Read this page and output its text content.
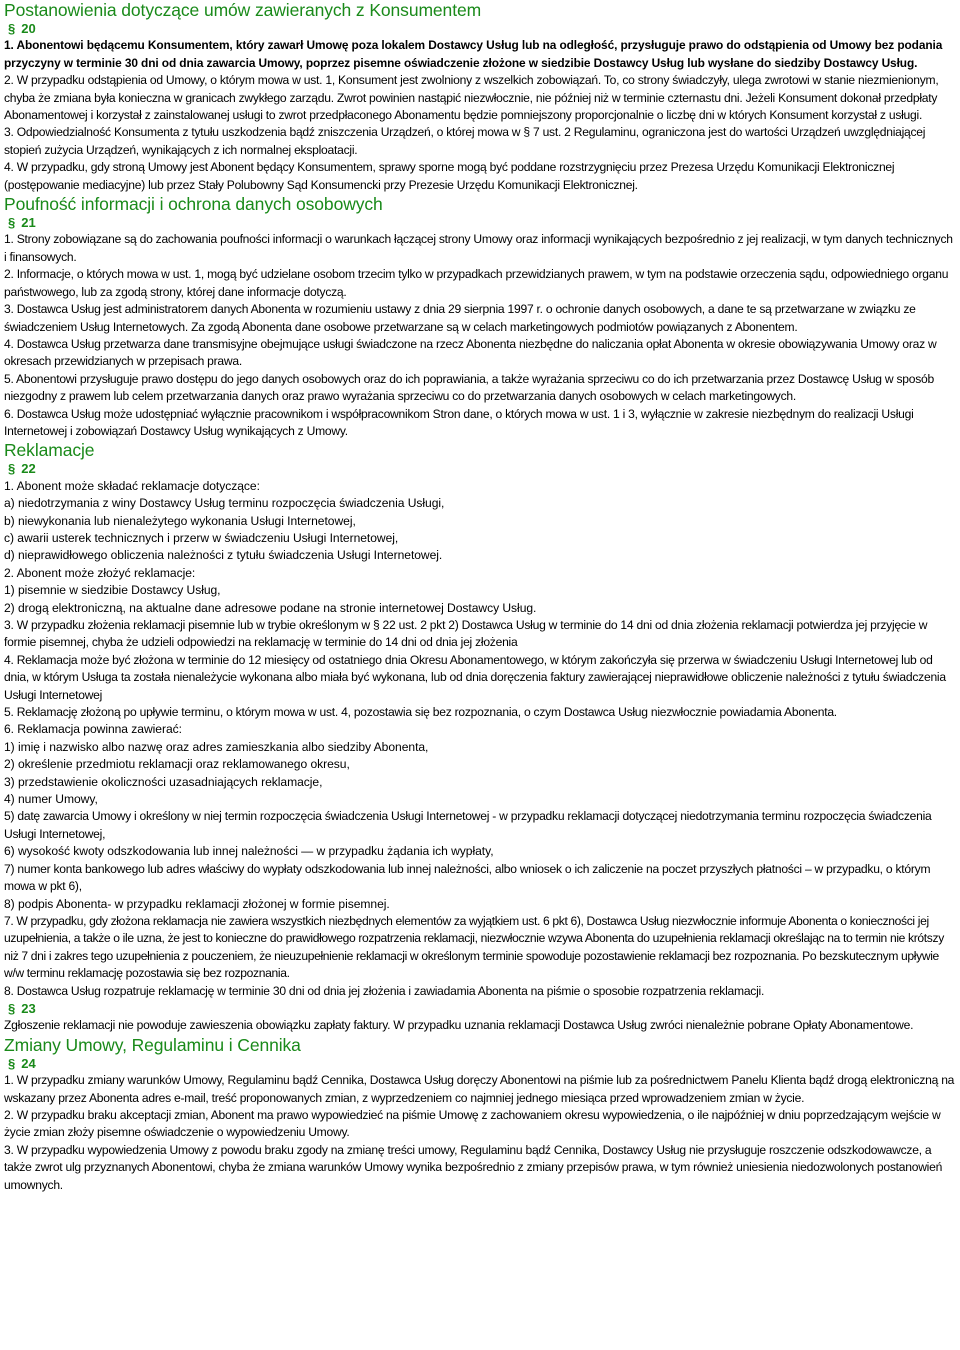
Postanowienia dotyczące umów zawieranych z Konsumentem
§ 20

1. Abonentowi będącemu Konsumentem, który zawarł Umowę poza lokalem Dostawcy Usług lub na odległość, przysługuje prawo do odstąpienia od Umowy bez podania przyczyny w terminie 30 dni od dnia zawarcia Umowy, poprzez pisemne oświadczenie złożone w siedzibie Dostawcy Usług lub wysłane do siedziby Dostawcy Usług.

2. W przypadku odstąpienia od Umowy, o którym mowa w ust. 1, Konsument jest zwolniony z wszelkich zobowiązań. To, co strony świadczyły, ulega zwrotowi w stanie niezmienionym, chyba że zmiana była konieczna w granicach zwykłego zarządu. Zwrot powinien nastąpić niezwłocznie, nie później niż w terminie czternastu dni. Jeżeli Konsument dokonał przedpłaty Abonamentowej i korzystał z zainstalowanej usługi to zwrot przedpłaconego Abonamentu będzie pomniejszony proporcjonalnie o liczbę dni w których Konsument korzystał z usługi.

3. Odpowiedzialność Konsumenta z tytułu uszkodzenia bądź zniszczenia Urządzeń, o której mowa w § 7 ust. 2 Regulaminu, ograniczona jest do wartości Urządzeń uwzględniającej stopień zużycia Urządzeń, wynikających z ich normalnej eksploatacji.

4. W przypadku, gdy stroną Umowy jest Abonent będący Konsumentem, sprawy sporne mogą być poddane rozstrzygnięciu przez Prezesa Urzędu Komunikacji Elektronicznej (postępowanie mediacyjne) lub przez Stały Polubowny Sąd Konsumencki przy Prezesie Urzędu Komunikacji Elektronicznej.

Poufność informacji i ochrona danych osobowych
§ 21

1. Strony zobowiązane są do zachowania poufności informacji o warunkach łączącej strony Umowy oraz informacji wynikających bezpośrednio z jej realizacji, w tym danych technicznych i finansowych.

2. Informacje, o których mowa w ust. 1, mogą być udzielane osobom trzecim tylko w przypadkach przewidzianych prawem, w tym na podstawie orzeczenia sądu, odpowiedniego organu państwowego, lub za zgodą strony, której dane informacje dotyczą.

3. Dostawca Usług jest administratorem danych Abonenta w rozumieniu ustawy z dnia 29 sierpnia 1997 r. o ochronie danych osobowych, a dane te są przetwarzane w związku ze świadczeniem Usług Internetowych. Za zgodą Abonenta dane osobowe przetwarzane są w celach marketingowych podmiotów powiązanych z Abonentem.

4. Dostawca Usług przetwarza dane transmisyjne obejmujące usługi świadczone na rzecz Abonenta niezbędne do naliczania opłat Abonenta w okresie obowiązywania Umowy oraz w okresach przewidzianych w przepisach prawa.

5. Abonentowi przysługuje prawo dostępu do jego danych osobowych oraz do ich poprawiania, a także wyrażania sprzeciwu co do ich przetwarzania przez Dostawcę Usług w sposób niezgodny z prawem lub celem przetwarzania danych oraz prawo wyrażania sprzeciwu co do przetwarzania danych osobowych w celach marketingowych.

6. Dostawca Usług może udostępniać wyłącznie pracownikom i współpracownikom Stron dane, o których mowa w ust. 1 i 3, wyłącznie w zakresie niezbędnym do realizacji Usługi Internetowej i zobowiązań Dostawcy Usług wynikających z Umowy.

Reklamacje
§ 22

1. Abonent może składać reklamacje dotyczące:

a) niedotrzymania z winy Dostawcy Usług terminu rozpoczęcia świadczenia Usługi,

b) niewykonania lub nienależytego wykonania Usługi Internetowej,

c) awarii usterek technicznych i przerw w świadczeniu Usługi Internetowej,

d) nieprawidłowego obliczenia należności z tytułu świadczenia Usługi Internetowej.

2. Abonent może złożyć reklamacje:

1) pisemnie w siedzibie Dostawcy Usług,

2) drogą elektroniczną, na aktualne dane adresowe podane na stronie internetowej Dostawcy Usług.

3. W przypadku złożenia reklamacji pisemnie lub w trybie określonym w § 22 ust. 2 pkt 2) Dostawca Usług w terminie do 14 dni od dnia złożenia reklamacji potwierdza jej przyjęcie w formie pisemnej, chyba że udzieli odpowiedzi na reklamację w terminie do 14 dni od dnia jej złożenia

4. Reklamacja może być złożona w terminie do 12 miesięcy od ostatniego dnia Okresu Abonamentowego, w którym zakończyła się przerwa w świadczeniu Usługi Internetowej lub od dnia, w którym Usługa ta została nienależycie wykonana albo miała być wykonana, lub od dnia doręczenia faktury zawierającej nieprawidłowe obliczenie należności z tytułu świadczenia Usługi Internetowej

5. Reklamację złożoną po upływie terminu, o którym mowa w ust. 4, pozostawia się bez rozpoznania, o czym Dostawca Usług niezwłocznie powiadamia Abonenta.

6. Reklamacja powinna zawierać:

1) imię i nazwisko albo nazwę oraz adres zamieszkania albo siedziby Abonenta,

2) określenie przedmiotu reklamacji oraz reklamowanego okresu,

3) przedstawienie okoliczności uzasadniających reklamacje,

4) numer Umowy,

5) datę zawarcia Umowy i określony w niej termin rozpoczęcia świadczenia Usługi Internetowej - w przypadku reklamacji dotyczącej niedotrzymania terminu rozpoczęcia świadczenia Usługi Internetowej,

6) wysokość kwoty odszkodowania lub innej należności — w przypadku żądania ich wypłaty,

7) numer konta bankowego lub adres właściwy do wypłaty odszkodowania lub innej należności, albo wniosek o ich zaliczenie na poczet przyszłych płatności – w przypadku, o którym mowa w pkt 6),

8) podpis Abonenta- w przypadku reklamacji złożonej w formie pisemnej.

7. W przypadku, gdy złożona reklamacja nie zawiera wszystkich niezbędnych elementów za wyjątkiem ust. 6 pkt 6), Dostawca Usług niezwłocznie informuje Abonenta o konieczności jej uzupełnienia, a także o ile uzna, że jest to konieczne do prawidłowego rozpatrzenia reklamacji, niezwłocznie wzywa Abonenta do uzupełnienia reklamacji określając na to termin nie krótszy niż 7 dni i zakres tego uzupełnienia z pouczeniem, że nieuzupełnienie reklamacji w określonym terminie spowoduje pozostawienie reklamacji bez rozpoznania. Po bezskutecznym upływie w/w terminu reklamację pozostawia się bez rozpoznania.

8. Dostawca Usług rozpatruje reklamację w terminie 30 dni od dnia jej złożenia i zawiadamia Abonenta na piśmie o sposobie rozpatrzenia reklamacji.

§ 23

Zgłoszenie reklamacji nie powoduje zawieszenia obowiązku zapłaty faktury. W przypadku uznania reklamacji Dostawca Usług zwróci nienależnie pobrane Opłaty Abonamentowe.

Zmiany Umowy, Regulaminu i Cennika
§ 24

1. W przypadku zmiany warunków Umowy, Regulaminu bądź Cennika, Dostawca Usług doręczy Abonentowi na piśmie lub za pośrednictwem Panelu Klienta bądź drogą elektroniczną na wskazany przez Abonenta adres e-mail, treść proponowanych zmian, z wyprzedzeniem co najmniej jednego miesiąca przed wprowadzeniem zmian w życie.

2. W przypadku braku akceptacji zmian, Abonent ma prawo wypowiedzieć na piśmie Umowę z zachowaniem okresu wypowiedzenia, o ile najpóźniej w dniu poprzedzającym wejście w życie zmian złoży pisemne oświadczenie o wypowiedzeniu Umowy.

3. W przypadku wypowiedzenia Umowy z powodu braku zgody na zmianę treści umowy, Regulaminu bądź Cennika, Dostawcy Usług nie przysługuje roszczenie odszkodowawcze, a także zwrot ulg przyznanych Abonentowi, chyba że zmiana warunków Umowy wynika bezpośrednio z zmiany przepisów prawa, w tym również uniesienia niedozwolonych postanowień umownych.
